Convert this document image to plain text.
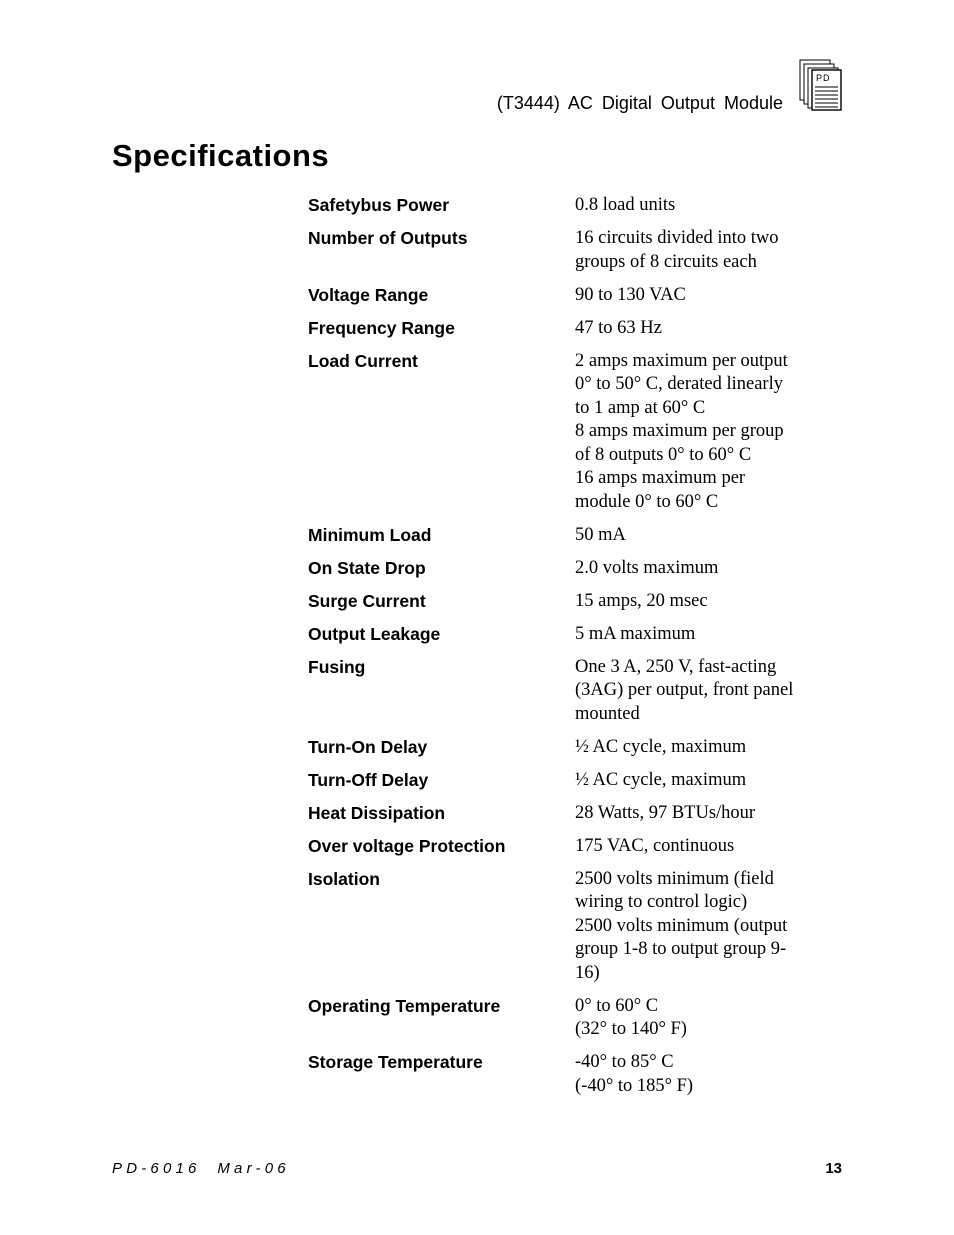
(T3444) AC Digital Output Module
PD
Specifications
Safetybus Power	0.8 load units
Number of Outputs	16 circuits divided into two
groups of 8 circuits each
Voltage Range	90 to 130 VAC
Frequency Range	47 to 63 Hz
Load Current	2 amps maximum per output
0° to 50° C, derated linearly
to 1 amp at 60° C
8 amps maximum per group
of 8 outputs 0° to 60° C
16 amps maximum per
module 0° to 60° C
Minimum Load	50 mA
On State Drop	2.0 volts maximum
Surge Current	15 amps, 20 msec
Output Leakage	5 mA maximum
Fusing	One 3 A, 250 V, fast-acting
(3AG) per output, front panel
mounted
Turn-On Delay	½ AC cycle, maximum
Turn-Off Delay	½ AC cycle, maximum
Heat Dissipation	28 Watts, 97 BTUs/hour
Over voltage Protection	175 VAC, continuous
Isolation	2500 volts minimum (field
wiring to control logic)
2500 volts minimum (output
group 1-8 to output group 9-
16)
Operating Temperature	0° to 60° C
(32° to 140° F)
Storage Temperature	-40° to 85° C
(-40° to 185° F)
PD-6016  Mar-06	13
